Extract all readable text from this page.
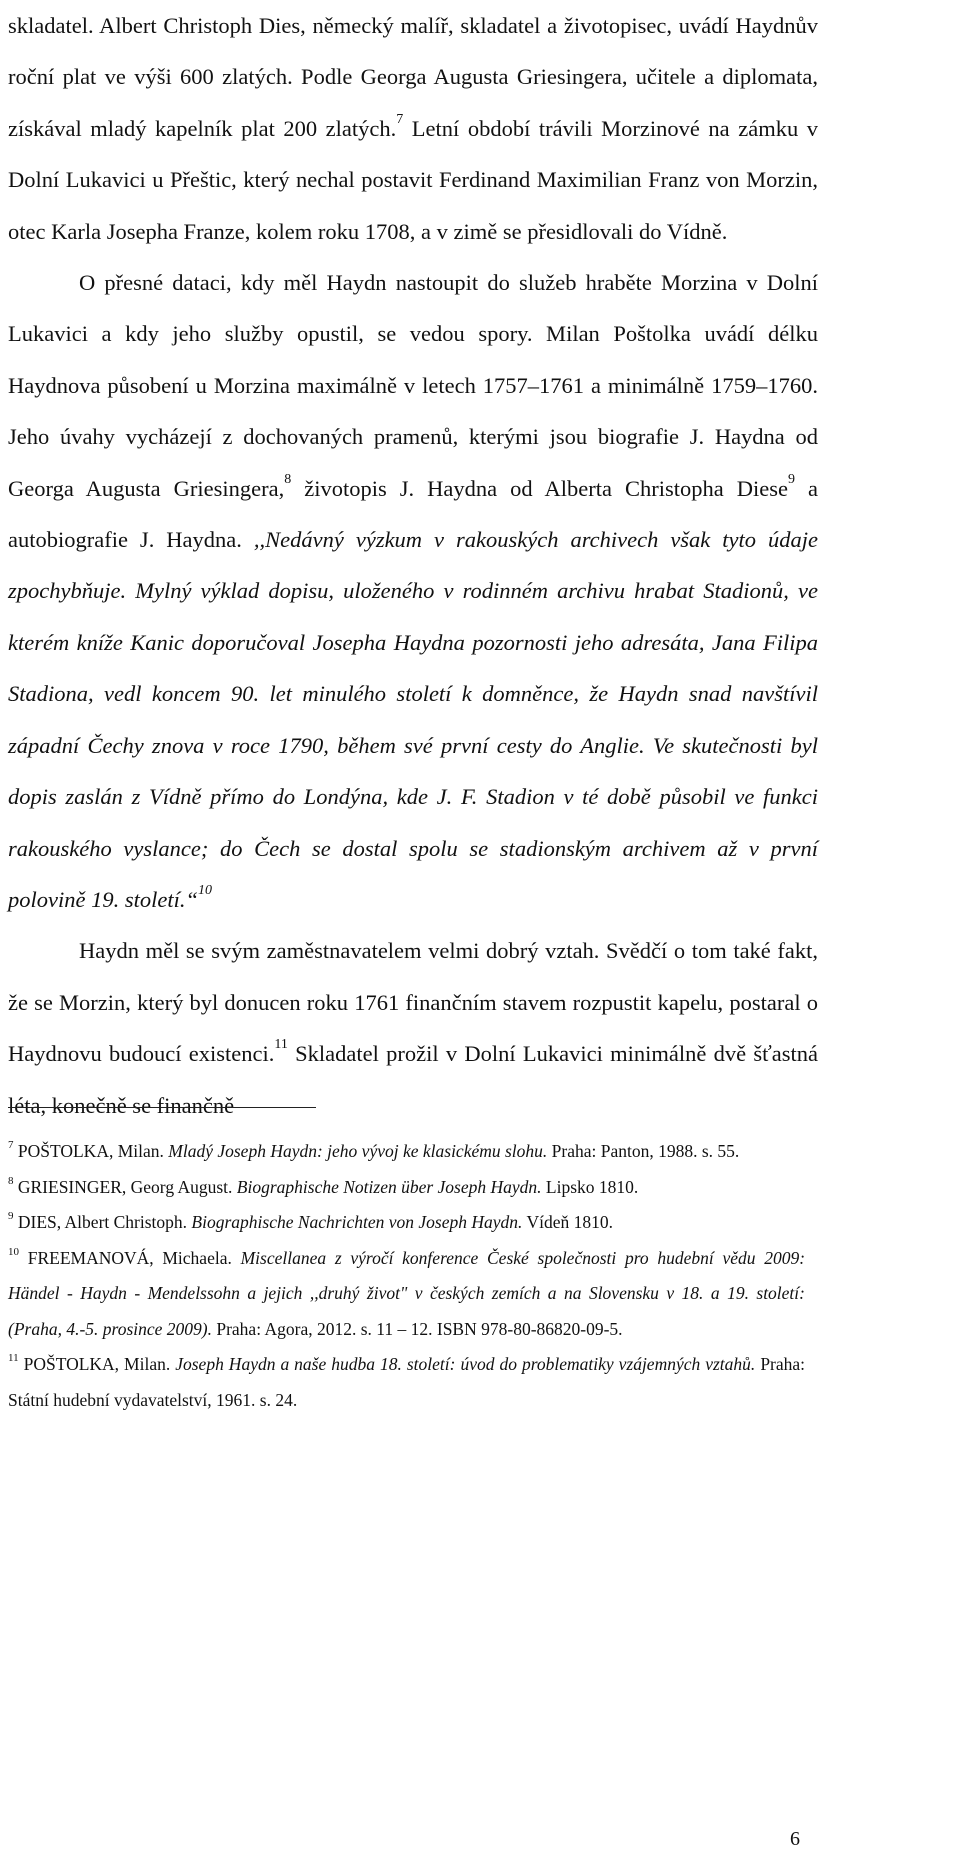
skladatel. Albert Christoph Dies, německý malíř, skladatel a životopisec, uvádí Haydnův roční plat ve výši 600 zlatých. Podle Georga Augusta Griesingera, učitele a diplomata, získával mladý kapelník plat 200 zlatých.$^7$ Letní období trávili Morzinové na zámku v Dolní Lukavici u Přeštic, který nechal postavit Ferdinand Maximilian Franz von Morzin, otec Karla Josepha Franze, kolem roku 1708, a v zimě se přesidlovali do Vídně.

O přesné dataci, kdy měl Haydn nastoupit do služeb hraběte Morzina v Dolní Lukavici a kdy jeho služby opustil, se vedou spory. Milan Poštolka uvádí délku Haydnova působení u Morzina maximálně v letech 1757–1761 a minimálně 1759–1760. Jeho úvahy vycházejí z dochovaných pramenů, kterými jsou biografie J. Haydna od Georga Augusta Griesingera,$^8$ životopis J. Haydna od Alberta Christopha Diese$^9$ a autobiografie J. Haydna. ,,Nedávný výzkum v rakouských archivech však tyto údaje zpochybňuje. Mylný výklad dopisu, uloženého v rodinném archivu hrabat Stadionů, ve kterém kníže Kanic doporučoval Josepha Haydna pozornosti jeho adresáta, Jana Filipa Stadiona, vedl koncem 90. let minulého století k domněnce, že Haydn snad navštívil západní Čechy znova v roce 1790, během své první cesty do Anglie. Ve skutečnosti byl dopis zaslán z Vídně přímo do Londýna, kde J. F. Stadion v té době působil ve funkci rakouského vyslance; do Čech se dostal spolu se stadionským archivem až v první polovině 19. století.“$^{10}$

Haydn měl se svým zaměstnavatelem velmi dobrý vztah. Svědčí o tom také fakt, že se Morzin, který byl donucen roku 1761 finančním stavem rozpustit kapelu, postaral o Haydnovu budoucí existenci.$^{11}$ Skladatel prožil v Dolní Lukavici minimálně dvě šťastná léta, konečně se finančně

$^7$ POŠTOLKA, Milan. Mladý Joseph Haydn: jeho vývoj ke klasickému slohu. Praha: Panton, 1988. s. 55.

$^8$ GRIESINGER, Georg August. Biographische Notizen über Joseph Haydn. Lipsko 1810.

$^9$ DIES, Albert Christoph. Biographische Nachrichten von Joseph Haydn. Vídeň 1810.

$^{10}$ FREEMANOVÁ, Michaela. Miscellanea z výročí konference České společnosti pro hudební vědu 2009: Händel - Haydn - Mendelssohn a jejich ,,druhý život" v českých zemích a na Slovensku v 18. a 19. století: (Praha, 4.-5. prosince 2009). Praha: Agora, 2012. s. 11 – 12. ISBN 978-80-86820-09-5.

$^{11}$ POŠTOLKA, Milan. Joseph Haydn a naše hudba 18. století: úvod do problematiky vzájemných vztahů. Praha: Státní hudební vydavatelství, 1961. s. 24.

6
